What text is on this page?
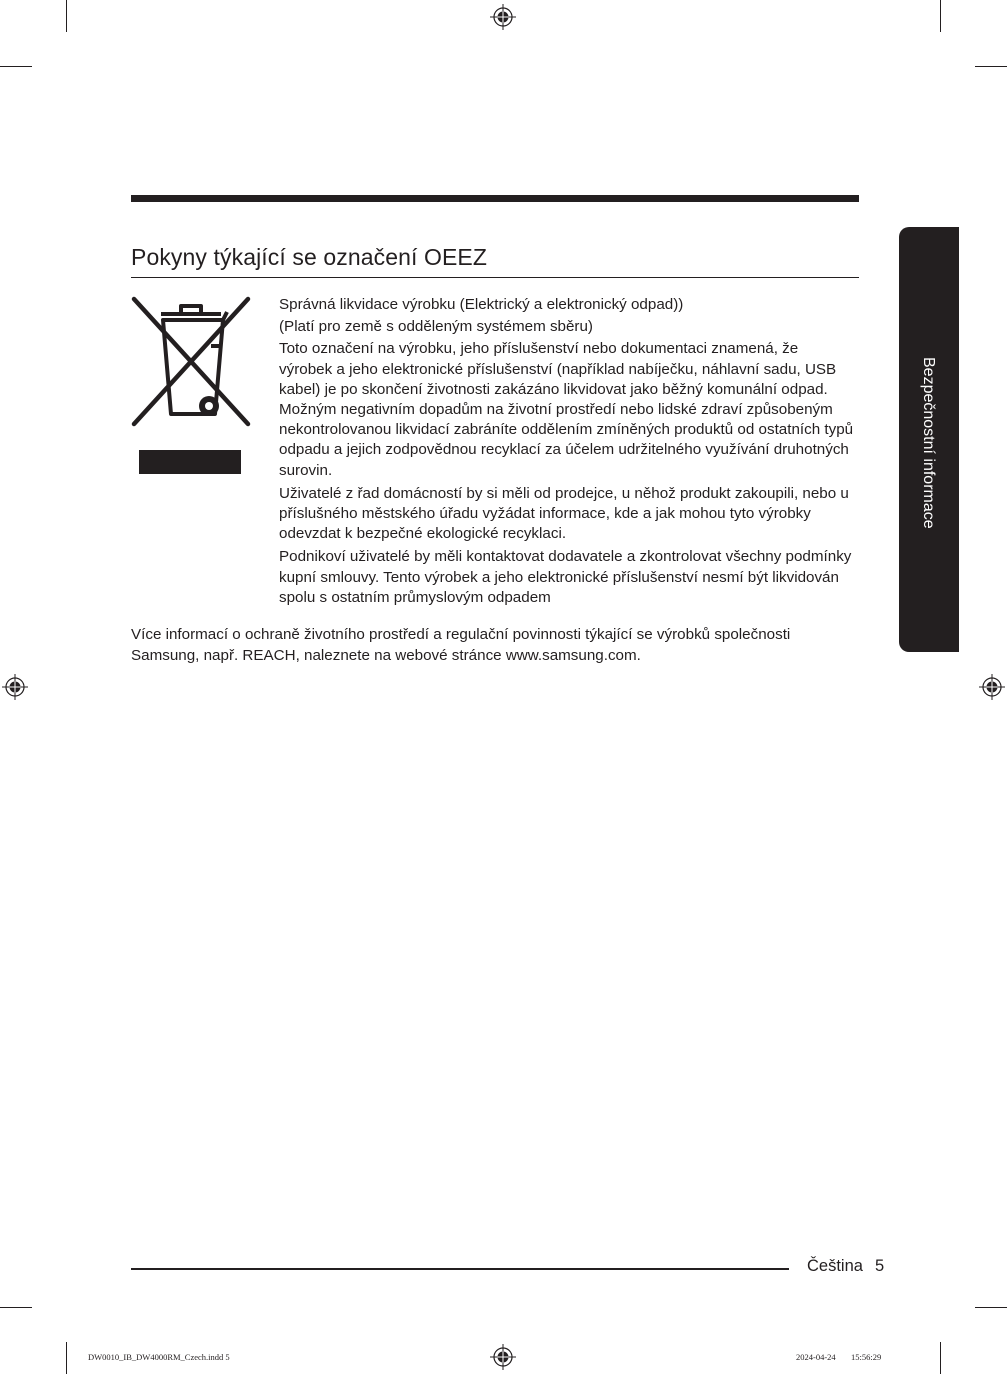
Pokyny týkající se označení OEEZ
Bezpečnostní informace

Správná likvidace výrobku (Elektrický a elektronický odpad))

(Platí pro země s odděleným systémem sběru)

Toto označení na výrobku, jeho příslušenství nebo dokumentaci znamená, že výrobek a jeho elektronické příslušenství (například nabíječku, náhlavní sadu, USB kabel) je po skončení životnosti zakázáno likvidovat jako běžný komunální odpad. Možným negativním dopadům na životní prostředí nebo lidské zdraví způsobeným nekontrolovanou likvidací zabráníte oddělením zmíněných produktů od ostatních typů odpadu a jejich zodpovědnou recyklací za účelem udržitelného využívání druhotných surovin.

Uživatelé z řad domácností by si měli od prodejce, u něhož produkt zakoupili, nebo u příslušného městského úřadu vyžádat informace, kde a jak mohou tyto výrobky odevzdat k bezpečné ekologické recyklaci.

Podnikoví uživatelé by měli kontaktovat dodavatele a zkontrolovat všechny podmínky kupní smlouvy. Tento výrobek a jeho elektronické příslušenství nesmí být likvidován spolu s ostatním průmyslovým odpadem

Více informací o ochraně životního prostředí a regulační povinnosti týkající se výrobků společnosti Samsung, např. REACH, naleznete na webové stránce www.samsung.com.

Čeština 5
DW0010_IB_DW4000RM_Czech.indd 5	2024-04-24   15:56:29
